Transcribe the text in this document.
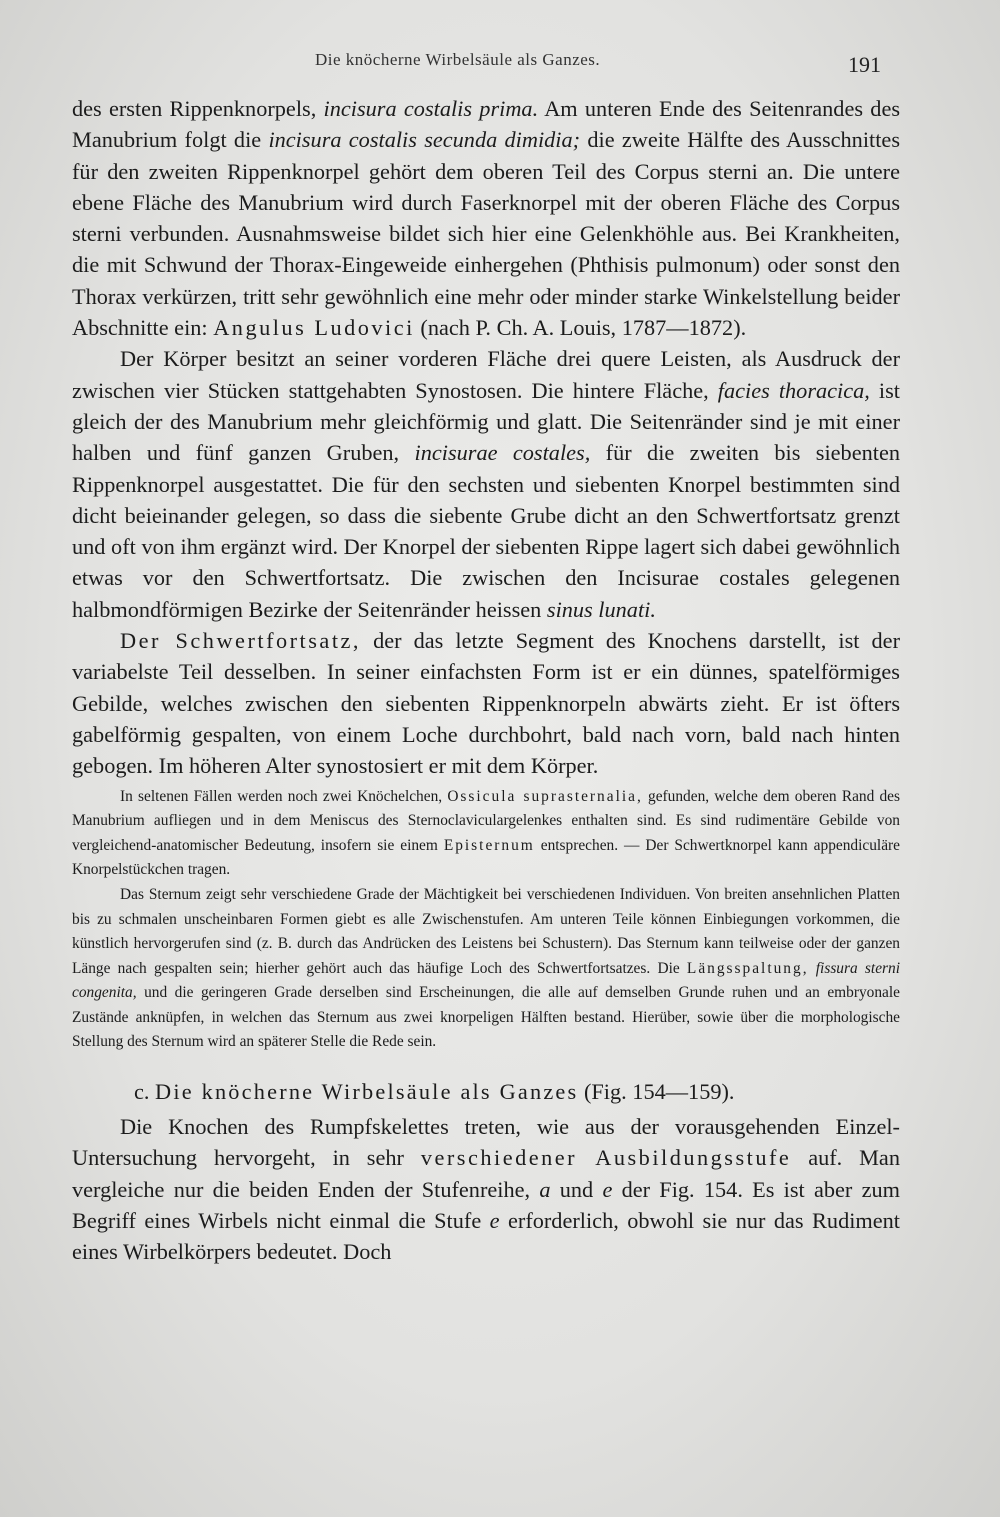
Die knöcherne Wirbelsäule als Ganzes.	191

des ersten Rippenknorpels, incisura costalis prima. Am unteren Ende des Seitenrandes des Manubrium folgt die incisura costalis secunda dimidia; die zweite Hälfte des Ausschnittes für den zweiten Rippenknorpel gehört dem oberen Teil des Corpus sterni an. Die untere ebene Fläche des Manubrium wird durch Faserknorpel mit der oberen Fläche des Corpus sterni verbunden. Ausnahmsweise bildet sich hier eine Gelenkhöhle aus. Bei Krankheiten, die mit Schwund der Thorax-Eingeweide einhergehen (Phthisis pulmonum) oder sonst den Thorax verkürzen, tritt sehr gewöhnlich eine mehr oder minder starke Winkelstellung beider Abschnitte ein: Angulus Ludovici (nach P. Ch. A. Louis, 1787—1872).

Der Körper besitzt an seiner vorderen Fläche drei quere Leisten, als Ausdruck der zwischen vier Stücken stattgehabten Synostosen. Die hintere Fläche, facies thoracica, ist gleich der des Manubrium mehr gleichförmig und glatt. Die Seitenränder sind je mit einer halben und fünf ganzen Gruben, incisurae costales, für die zweiten bis siebenten Rippenknorpel ausgestattet. Die für den sechsten und siebenten Knorpel bestimmten sind dicht beieinander gelegen, so dass die siebente Grube dicht an den Schwertfortsatz grenzt und oft von ihm ergänzt wird. Der Knorpel der siebenten Rippe lagert sich dabei gewöhnlich etwas vor den Schwertfortsatz. Die zwischen den Incisurae costales gelegenen halbmondförmigen Bezirke der Seitenränder heissen sinus lunati.

Der Schwertfortsatz, der das letzte Segment des Knochens darstellt, ist der variabelste Teil desselben. In seiner einfachsten Form ist er ein dünnes, spatelförmiges Gebilde, welches zwischen den siebenten Rippenknorpeln abwärts zieht. Er ist öfters gabelförmig gespalten, von einem Loche durchbohrt, bald nach vorn, bald nach hinten gebogen. Im höheren Alter synostosiert er mit dem Körper.

In seltenen Fällen werden noch zwei Knöchelchen, Ossicula suprasternalia, gefunden, welche dem oberen Rand des Manubrium aufliegen und in dem Meniscus des Sternoclaviculargelenkes enthalten sind. Es sind rudimentäre Gebilde von vergleichend-anatomischer Bedeutung, insofern sie einem Episternum entsprechen. — Der Schwertknorpel kann appendiculäre Knorpelstückchen tragen.

Das Sternum zeigt sehr verschiedene Grade der Mächtigkeit bei verschiedenen Individuen. Von breiten ansehnlichen Platten bis zu schmalen unscheinbaren Formen giebt es alle Zwischenstufen. Am unteren Teile können Einbiegungen vorkommen, die künstlich hervorgerufen sind (z. B. durch das Andrücken des Leistens bei Schustern). Das Sternum kann teilweise oder der ganzen Länge nach gespalten sein; hierher gehört auch das häufige Loch des Schwertfortsatzes. Die Längsspaltung, fissura sterni congenita, und die geringeren Grade derselben sind Erscheinungen, die alle auf demselben Grunde ruhen und an embryonale Zustände anknüpfen, in welchen das Sternum aus zwei knorpeligen Hälften bestand. Hierüber, sowie über die morphologische Stellung des Sternum wird an späterer Stelle die Rede sein.

c. Die knöcherne Wirbelsäule als Ganzes (Fig. 154—159).

Die Knochen des Rumpfskelettes treten, wie aus der vorausgehenden Einzel-Untersuchung hervorgeht, in sehr verschiedener Ausbildungsstufe auf. Man vergleiche nur die beiden Enden der Stufenreihe, a und e der Fig. 154. Es ist aber zum Begriff eines Wirbels nicht einmal die Stufe e erforderlich, obwohl sie nur das Rudiment eines Wirbelkörpers bedeutet. Doch
